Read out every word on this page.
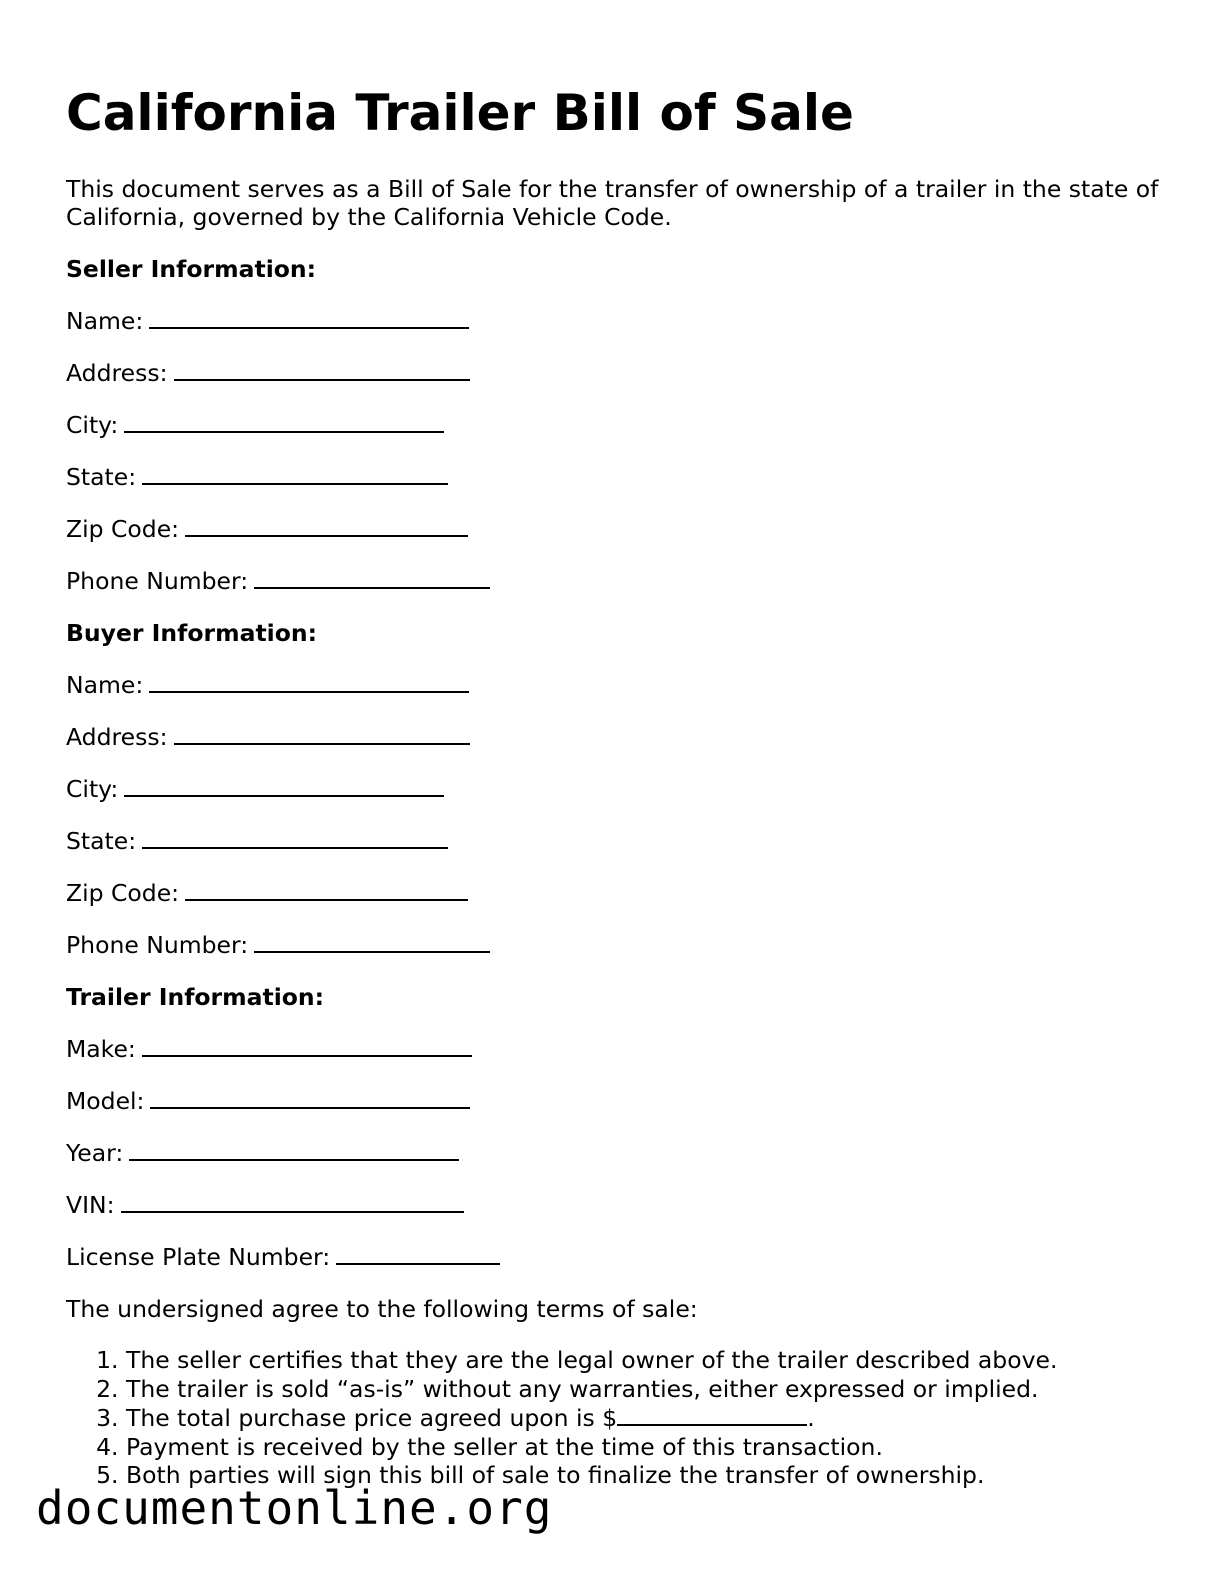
California Trailer Bill of Sale

This document serves as a Bill of Sale for the transfer of ownership of a trailer in the state of California, governed by the California Vehicle Code.

Seller Information:
Name:
Address:
City:
State:
Zip Code:
Phone Number:
Buyer Information:
Name:
Address:
City:
State:
Zip Code:
Phone Number:
Trailer Information:
Make:
Model:
Year:
VIN:
License Plate Number:
The undersigned agree to the following terms of sale:
1. The seller certifies that they are the legal owner of the trailer described above.
2. The trailer is sold “as-is” without any warranties, either expressed or implied.
3. The total purchase price agreed upon is $	.
4. Payment is received by the seller at the time of this transaction.
5. Both parties will sign this bill of sale to finalize the transfer of ownership.
documentonline.org
